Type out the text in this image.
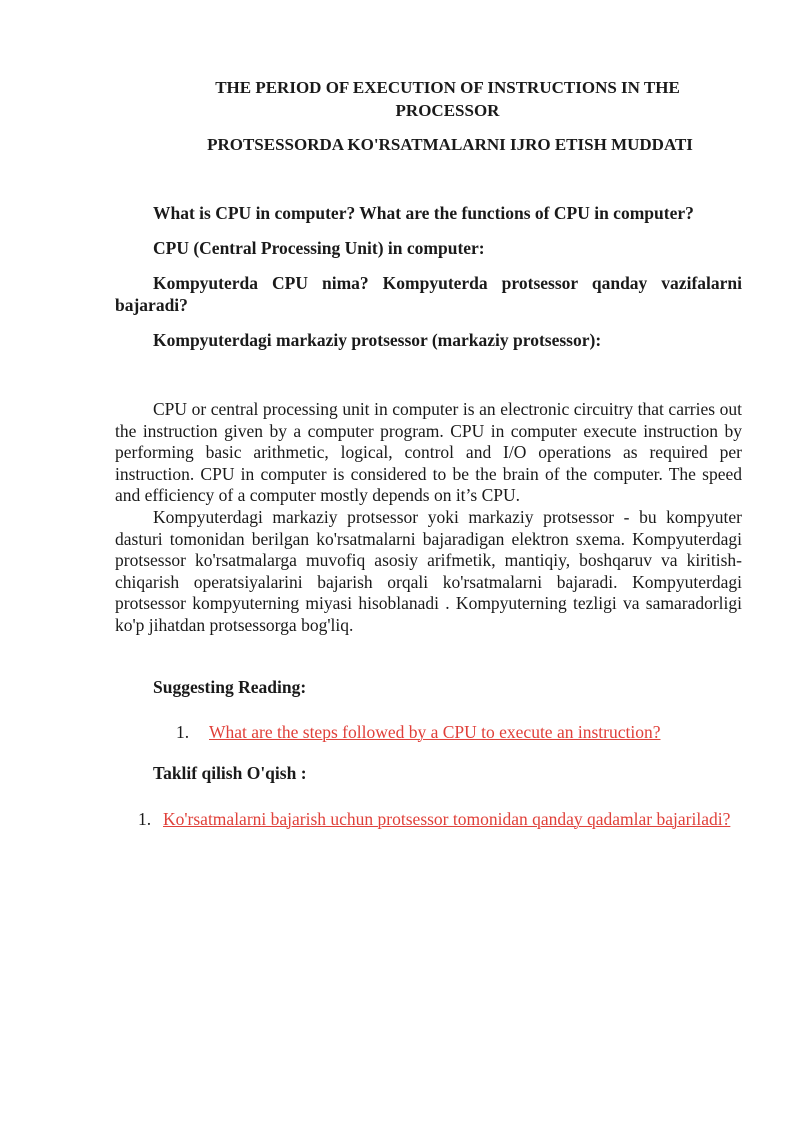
THE PERIOD OF EXECUTION OF INSTRUCTIONS IN THE PROCESSOR
PROTSESSORDA KO'RSATMALARNI IJRO ETISH MUDDATI

What is CPU in computer? What are the functions of CPU in computer?

CPU (Central Processing Unit) in computer:

Kompyuterda CPU nima? Kompyuterda protsessor qanday vazifalarni bajaradi?

Kompyuterdagi markaziy protsessor (markaziy protsessor):

CPU or central processing unit in computer is an electronic circuitry that carries out the instruction given by a computer program. CPU in computer execute instruction by performing basic arithmetic, logical, control and I/O operations as required per instruction. CPU in computer is considered to be the brain of the computer. The speed and efficiency of a computer mostly depends on it’s CPU.

Kompyuterdagi markaziy protsessor yoki markaziy protsessor - bu kompyuter dasturi tomonidan berilgan ko'rsatmalarni bajaradigan elektron sxema. Kompyuterdagi protsessor ko'rsatmalarga muvofiq asosiy arifmetik, mantiqiy, boshqaruv va kiritish-chiqarish operatsiyalarini bajarish orqali ko'rsatmalarni bajaradi. Kompyuterdagi protsessor kompyuterning miyasi hisoblanadi . Kompyuterning tezligi va samaradorligi ko'p jihatdan protsessorga bog'liq.

Suggesting Reading:

1.	What are the steps followed by a CPU to execute an instruction?

Taklif qilish O'qish :

1. Ko'rsatmalarni bajarish uchun protsessor tomonidan qanday qadamlar bajariladi?
